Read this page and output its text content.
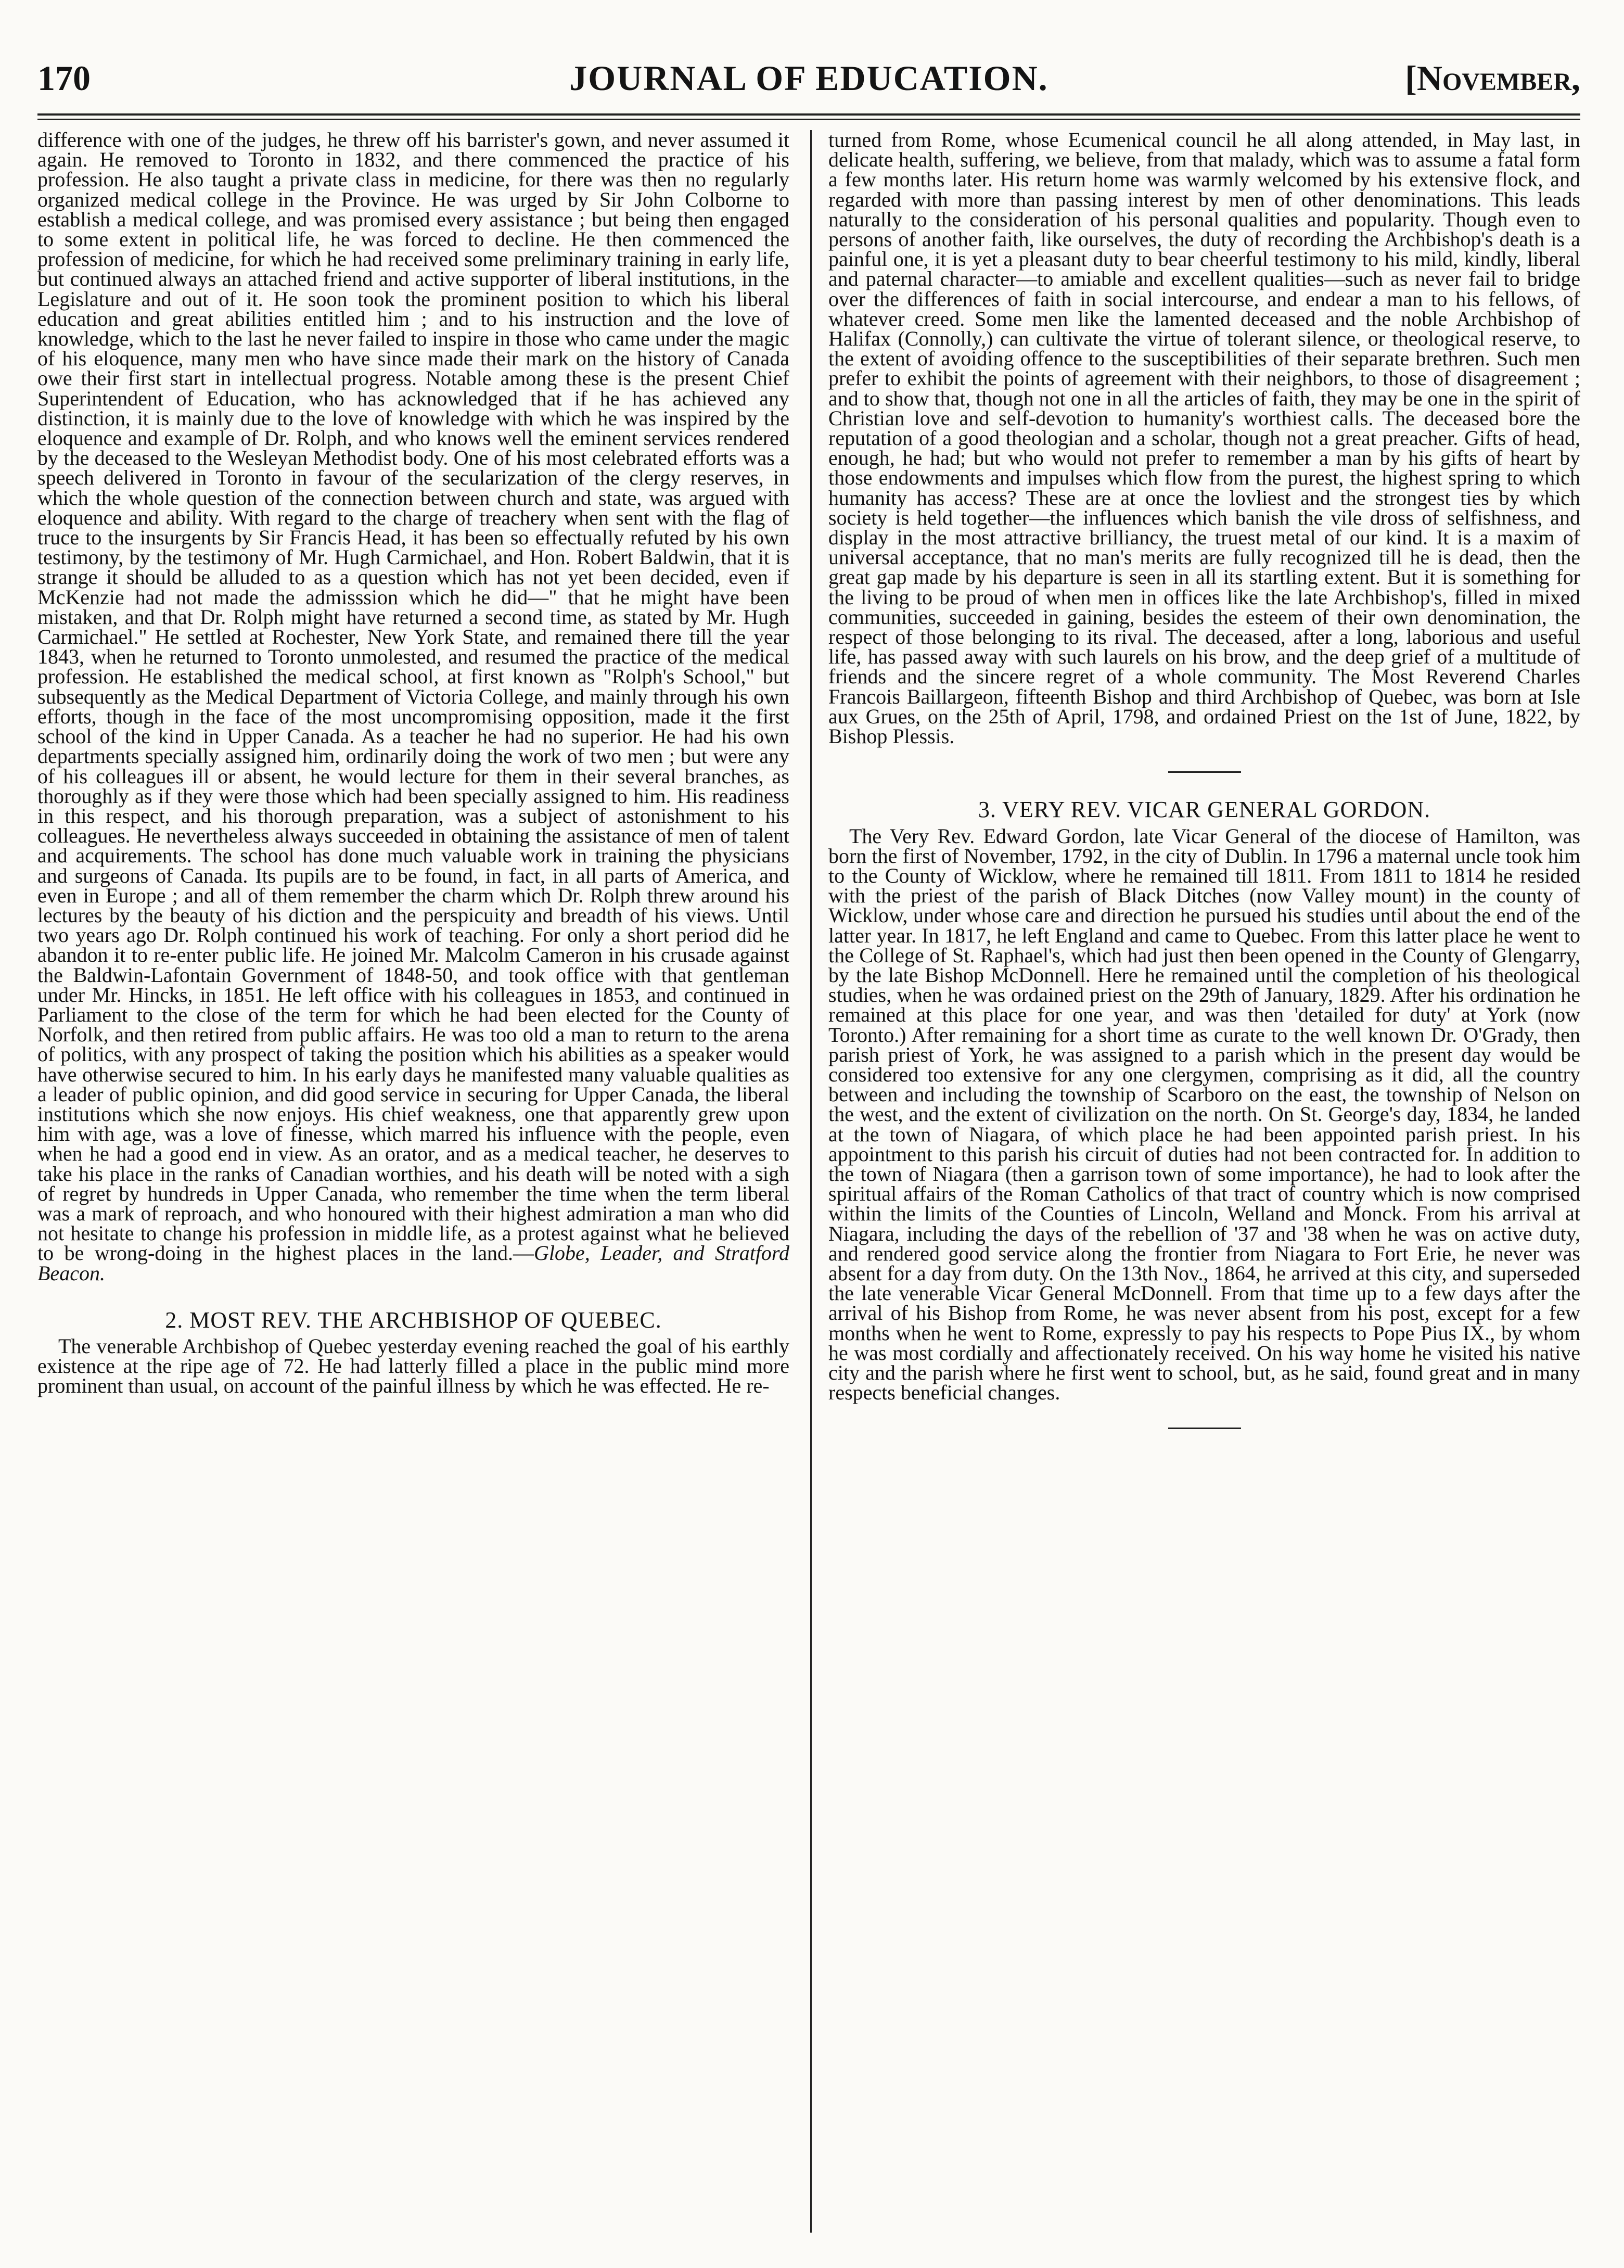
170	JOURNAL OF EDUCATION.	[November,

difference with one of the judges, he threw off his barrister's gown, and never assumed it again. He removed to Toronto in 1832, and there commenced the practice of his profession. He also taught a private class in medicine, for there was then no regularly organized medical college in the Province. He was urged by Sir John Colborne to establish a medical college, and was promised every assistance ; but being then engaged to some extent in political life, he was forced to decline. He then commenced the profession of medicine, for which he had received some preliminary training in early life, but continued always an attached friend and active supporter of liberal institutions, in the Legislature and out of it. He soon took the prominent position to which his liberal education and great abilities entitled him ; and to his instruction and the love of knowledge, which to the last he never failed to inspire in those who came under the magic of his eloquence, many men who have since made their mark on the history of Canada owe their first start in intellectual progress. Notable among these is the present Chief Superintendent of Education, who has acknowledged that if he has achieved any distinction, it is mainly due to the love of knowledge with which he was inspired by the eloquence and example of Dr. Rolph, and who knows well the eminent services rendered by the deceased to the Wesleyan Methodist body. One of his most celebrated efforts was a speech delivered in Toronto in favour of the secularization of the clergy reserves, in which the whole question of the connection between church and state, was argued with eloquence and ability. With regard to the charge of treachery when sent with the flag of truce to the insurgents by Sir Francis Head, it has been so effectually refuted by his own testimony, by the testimony of Mr. Hugh Carmichael, and Hon. Robert Baldwin, that it is strange it should be alluded to as a question which has not yet been decided, even if McKenzie had not made the admisssion which he did—" that he might have been mistaken, and that Dr. Rolph might have returned a second time, as stated by Mr. Hugh Carmichael." He settled at Rochester, New York State, and remained there till the year 1843, when he returned to Toronto unmolested, and resumed the practice of the medical profession. He established the medical school, at first known as "Rolph's School," but subsequently as the Medical Department of Victoria College, and mainly through his own efforts, though in the face of the most uncompromising opposition, made it the first school of the kind in Upper Canada. As a teacher he had no superior. He had his own departments specially assigned him, ordinarily doing the work of two men ; but were any of his colleagues ill or absent, he would lecture for them in their several branches, as thoroughly as if they were those which had been specially assigned to him. His readiness in this respect, and his thorough preparation, was a subject of astonishment to his colleagues. He nevertheless always succeeded in obtaining the assistance of men of talent and acquirements. The school has done much valuable work in training the physicians and surgeons of Canada. Its pupils are to be found, in fact, in all parts of America, and even in Europe ; and all of them remember the charm which Dr. Rolph threw around his lectures by the beauty of his diction and the perspicuity and breadth of his views. Until two years ago Dr. Rolph continued his work of teaching. For only a short period did he abandon it to re-enter public life. He joined Mr. Malcolm Cameron in his crusade against the Baldwin-Lafontain Government of 1848-50, and took office with that gentleman under Mr. Hincks, in 1851. He left office with his colleagues in 1853, and continued in Parliament to the close of the term for which he had been elected for the County of Norfolk, and then retired from public affairs. He was too old a man to return to the arena of politics, with any prospect of taking the position which his abilities as a speaker would have otherwise secured to him. In his early days he manifested many valuable qualities as a leader of public opinion, and did good service in securing for Upper Canada, the liberal institutions which she now enjoys. His chief weakness, one that apparently grew upon him with age, was a love of finesse, which marred his influence with the people, even when he had a good end in view. As an orator, and as a medical teacher, he deserves to take his place in the ranks of Canadian worthies, and his death will be noted with a sigh of regret by hundreds in Upper Canada, who remember the time when the term liberal was a mark of reproach, and who honoured with their highest admiration a man who did not hesitate to change his profession in middle life, as a protest against what he believed to be wrong-doing in the highest places in the land.—Globe, Leader, and Stratford Beacon.

2. MOST REV. THE ARCHBISHOP OF QUEBEC.

The venerable Archbishop of Quebec yesterday evening reached the goal of his earthly existence at the ripe age of 72. He had latterly filled a place in the public mind more prominent than usual, on account of the painful illness by which he was effected. He re-

turned from Rome, whose Ecumenical council he all along attended, in May last, in delicate health, suffering, we believe, from that malady, which was to assume a fatal form a few months later. His return home was warmly welcomed by his extensive flock, and regarded with more than passing interest by men of other denominations. This leads naturally to the consideration of his personal qualities and popularity. Though even to persons of another faith, like ourselves, the duty of recording the Archbishop's death is a painful one, it is yet a pleasant duty to bear cheerful testimony to his mild, kindly, liberal and paternal character—to amiable and excellent qualities—such as never fail to bridge over the differences of faith in social intercourse, and endear a man to his fellows, of whatever creed. Some men like the lamented deceased and the noble Archbishop of Halifax (Connolly,) can cultivate the virtue of tolerant silence, or theological reserve, to the extent of avoiding offence to the susceptibilities of their separate brethren. Such men prefer to exhibit the points of agreement with their neighbors, to those of disagreement ; and to show that, though not one in all the articles of faith, they may be one in the spirit of Christian love and self-devotion to humanity's worthiest calls. The deceased bore the reputation of a good theologian and a scholar, though not a great preacher. Gifts of head, enough, he had; but who would not prefer to remember a man by his gifts of heart by those endowments and impulses which flow from the purest, the highest spring to which humanity has access? These are at once the lovliest and the strongest ties by which society is held together—the influences which banish the vile dross of selfishness, and display in the most attractive brilliancy, the truest metal of our kind. It is a maxim of universal acceptance, that no man's merits are fully recognized till he is dead, then the great gap made by his departure is seen in all its startling extent. But it is something for the living to be proud of when men in offices like the late Archbishop's, filled in mixed communities, succeeded in gaining, besides the esteem of their own denomination, the respect of those belonging to its rival. The deceased, after a long, laborious and useful life, has passed away with such laurels on his brow, and the deep grief of a multitude of friends and the sincere regret of a whole community. The Most Reverend Charles Francois Baillargeon, fifteenth Bishop and third Archbishop of Quebec, was born at Isle aux Grues, on the 25th of April, 1798, and ordained Priest on the 1st of June, 1822, by Bishop Plessis.

3. VERY REV. VICAR GENERAL GORDON.

The Very Rev. Edward Gordon, late Vicar General of the diocese of Hamilton, was born the first of November, 1792, in the city of Dublin. In 1796 a maternal uncle took him to the County of Wicklow, where he remained till 1811. From 1811 to 1814 he resided with the priest of the parish of Black Ditches (now Valley mount) in the county of Wicklow, under whose care and direction he pursued his studies until about the end of the latter year. In 1817, he left England and came to Quebec. From this latter place he went to the College of St. Raphael's, which had just then been opened in the County of Glengarry, by the late Bishop McDonnell. Here he remained until the completion of his theological studies, when he was ordained priest on the 29th of January, 1829. After his ordination he remained at this place for one year, and was then 'detailed for duty' at York (now Toronto.) After remaining for a short time as curate to the well known Dr. O'Grady, then parish priest of York, he was assigned to a parish which in the present day would be considered too extensive for any one clergymen, comprising as it did, all the country between and including the township of Scarboro on the east, the township of Nelson on the west, and the extent of civilization on the north. On St. George's day, 1834, he landed at the town of Niagara, of which place he had been appointed parish priest. In his appointment to this parish his circuit of duties had not been contracted for. In addition to the town of Niagara (then a garrison town of some importance), he had to look after the spiritual affairs of the Roman Catholics of that tract of country which is now comprised within the limits of the Counties of Lincoln, Welland and Monck. From his arrival at Niagara, including the days of the rebellion of '37 and '38 when he was on active duty, and rendered good service along the frontier from Niagara to Fort Erie, he never was absent for a day from duty. On the 13th Nov., 1864, he arrived at this city, and superseded the late venerable Vicar General McDonnell. From that time up to a few days after the arrival of his Bishop from Rome, he was never absent from his post, except for a few months when he went to Rome, expressly to pay his respects to Pope Pius IX., by whom he was most cordially and affectionately received. On his way home he visited his native city and the parish where he first went to school, but, as he said, found great and in many respects beneficial changes.
